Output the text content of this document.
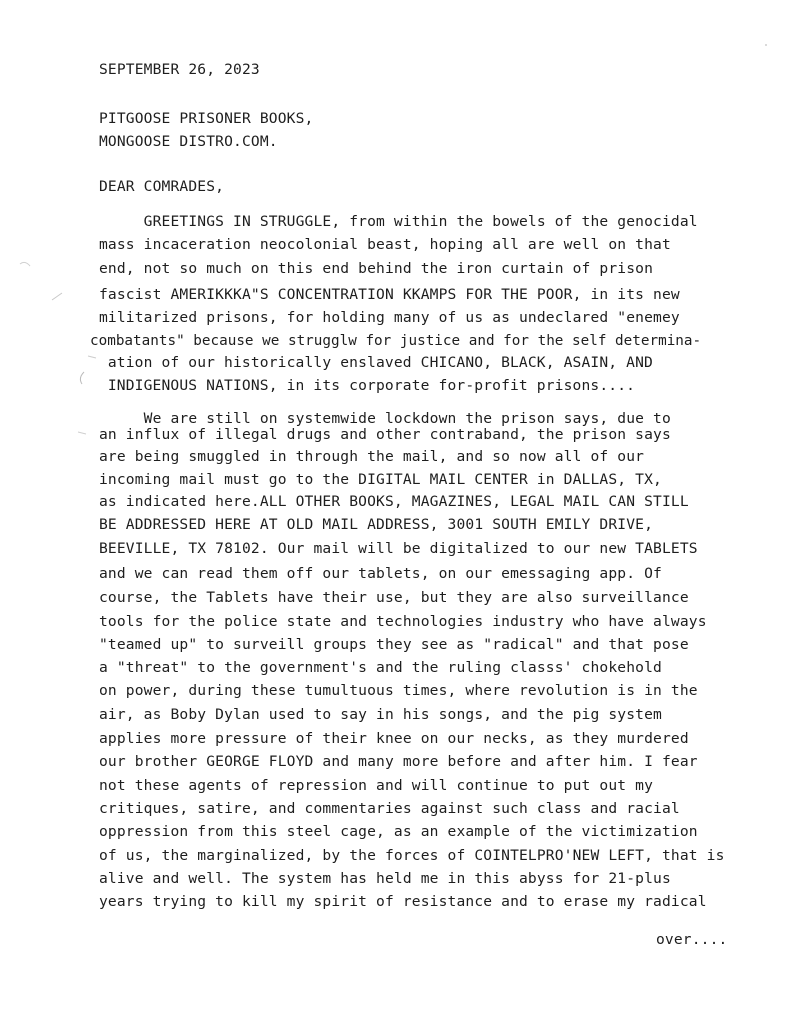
SEPTEMBER 26, 2023
PITGOOSE PRISONER BOOKS,
MONGOOSE DISTRO.COM.
DEAR COMRADES,
GREETINGS IN STRUGGLE, from within the bowels of the genocidal
mass incaceration neocolonial beast, hoping all are well on that
end, not so much on this end behind the iron curtain of prison
fascist AMERIKKKA"S CONCENTRATION KKAMPS FOR THE POOR, in its new
militarized prisons, for holding many of us as undeclared "enemey
combatants" because we strugglw for justice and for the self determina-
ation of our historically enslaved CHICANO, BLACK, ASAIN, AND
INDIGENOUS NATIONS, in its corporate for-profit prisons....
We are still on systemwide lockdown the prison says, due to
an influx of illegal drugs and other contraband, the prison says
are being smuggled in through the mail, and so now all of our
incoming mail must go to the DIGITAL MAIL CENTER in DALLAS, TX,
as indicated here.ALL OTHER BOOKS, MAGAZINES, LEGAL MAIL CAN STILL
BE ADDRESSED HERE AT OLD MAIL ADDRESS, 3001 SOUTH EMILY DRIVE,
BEEVILLE, TX 78102. Our mail will be digitalized to our new TABLETS
and we can read them off our tablets, on our emessaging app. Of
course, the Tablets have their use, but they are also surveillance
tools for the police state and technologies industry who have always
"teamed up" to surveill groups they see as "radical" and that pose
a "threat" to the government's and the ruling classs' chokehold
on power, during these tumultuous times, where revolution is in the
air, as Boby Dylan used to say in his songs, and the pig system
applies more pressure of their knee on our necks, as they murdered
our brother GEORGE FLOYD and many more before and after him. I fear
not these agents of repression and will continue to put out my
critiques, satire, and commentaries against such class and racial
oppression from this steel cage, as an example of the victimization
of us, the marginalized, by the forces of COINTELPRO'NEW LEFT, that is
alive and well. The system has held me in this abyss for 21-plus
years trying to kill my spirit of resistance and to erase my radical
over....
